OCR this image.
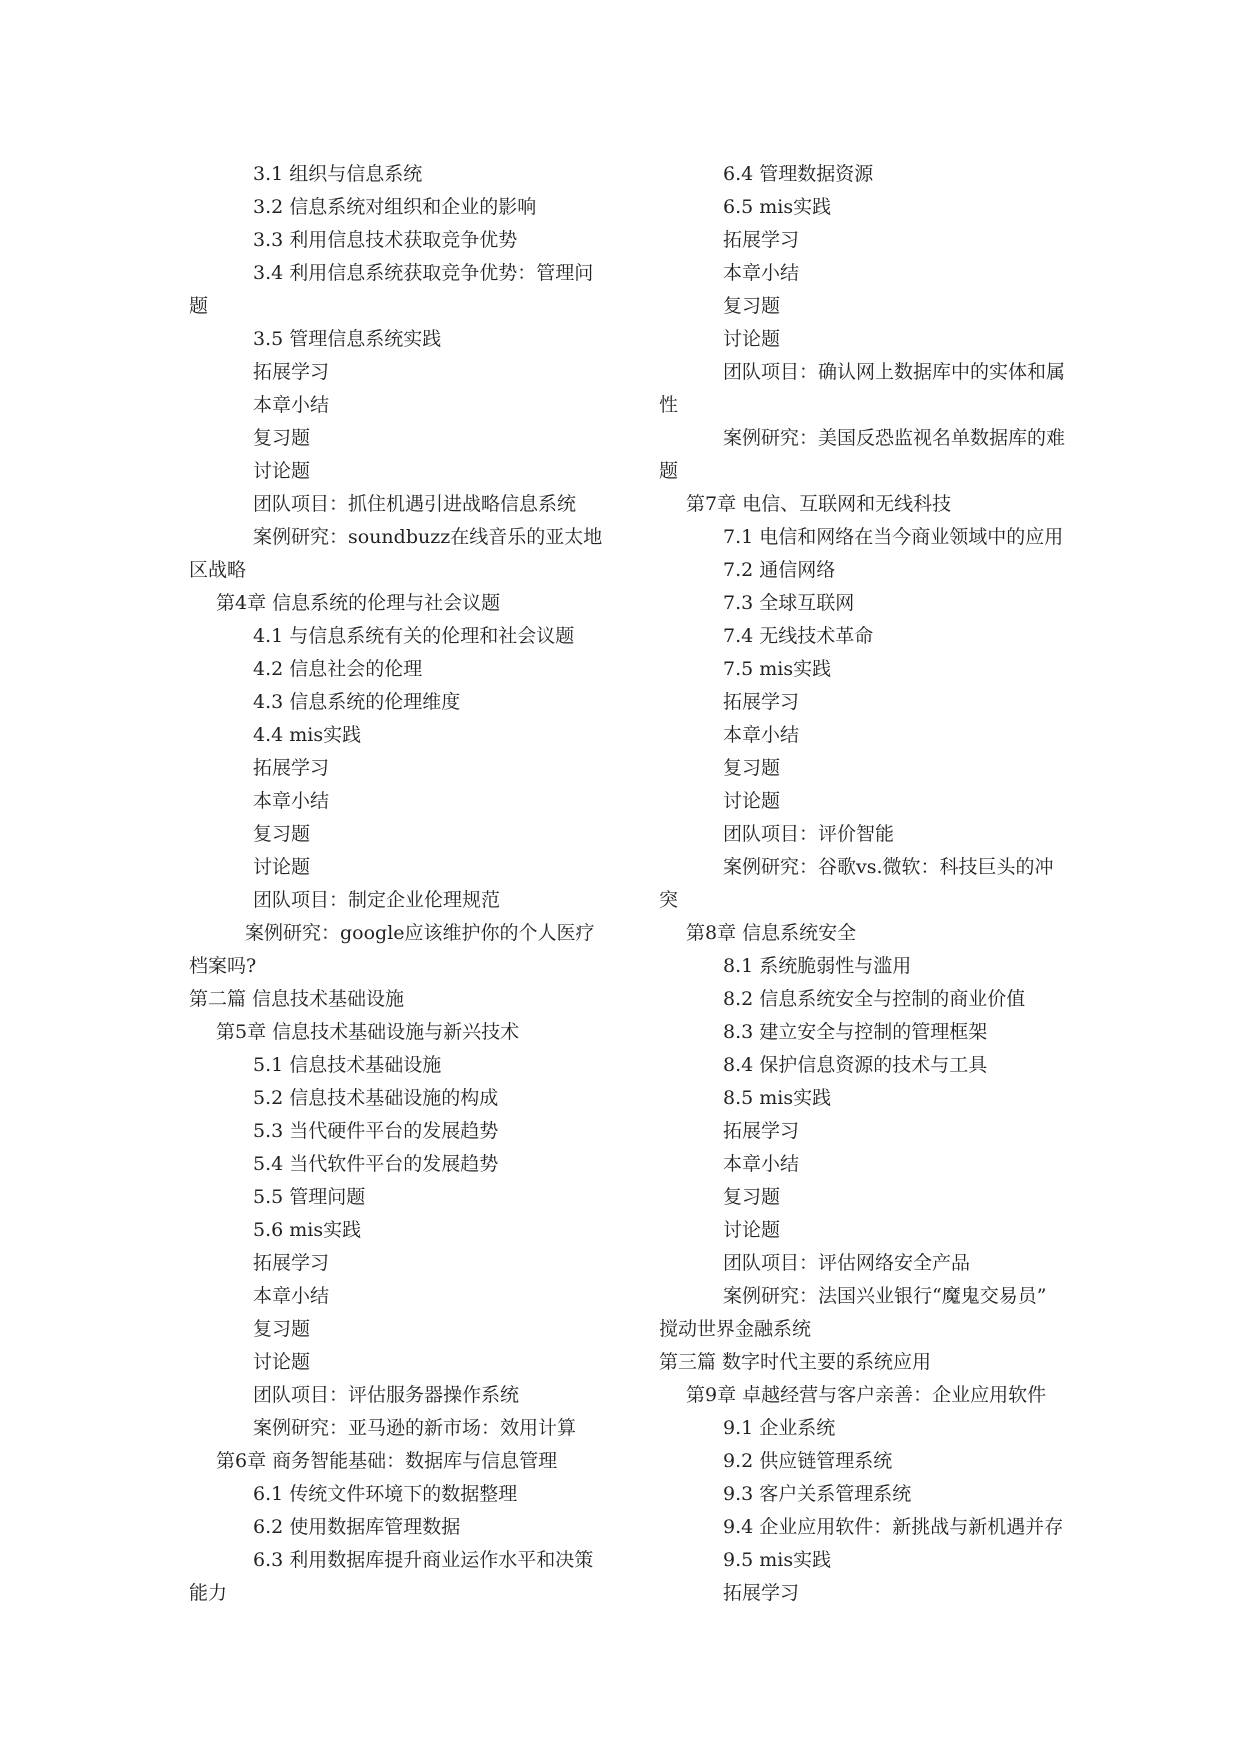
3.1 组织与信息系统
3.2 信息系统对组织和企业的影响
3.3 利用信息技术获取竞争优势
3.4 利用信息系统获取竞争优势：管理问
题
3.5 管理信息系统实践
拓展学习
本章小结
复习题
讨论题
团队项目：抓住机遇引进战略信息系统
案例研究：soundbuzz在线音乐的亚太地
区战略
第4章 信息系统的伦理与社会议题
4.1 与信息系统有关的伦理和社会议题
4.2 信息社会的伦理
4.3 信息系统的伦理维度
4.4 mis实践
拓展学习
本章小结
复习题
讨论题
团队项目：制定企业伦理规范
案例研究：google应该维护你的个人医疗
档案吗?
第二篇 信息技术基础设施
第5章 信息技术基础设施与新兴技术
5.1 信息技术基础设施
5.2 信息技术基础设施的构成
5.3 当代硬件平台的发展趋势
5.4 当代软件平台的发展趋势
5.5 管理问题
5.6 mis实践
拓展学习
本章小结
复习题
讨论题
团队项目：评估服务器操作系统
案例研究：亚马逊的新市场：效用计算
第6章 商务智能基础：数据库与信息管理
6.1 传统文件环境下的数据整理
6.2 使用数据库管理数据
6.3 利用数据库提升商业运作水平和决策
能力
6.4 管理数据资源
6.5 mis实践
拓展学习
本章小结
复习题
讨论题
团队项目：确认网上数据库中的实体和属
性
案例研究：美国反恐监视名单数据库的难
题
第7章 电信、互联网和无线科技
7.1 电信和网络在当今商业领域中的应用
7.2 通信网络
7.3 全球互联网
7.4 无线技术革命
7.5 mis实践
拓展学习
本章小结
复习题
讨论题
团队项目：评价智能
案例研究：谷歌vs.微软：科技巨头的冲
突
第8章 信息系统安全
8.1 系统脆弱性与滥用
8.2 信息系统安全与控制的商业价值
8.3 建立安全与控制的管理框架
8.4 保护信息资源的技术与工具
8.5 mis实践
拓展学习
本章小结
复习题
讨论题
团队项目：评估网络安全产品
案例研究：法国兴业银行“魔鬼交易员”
搅动世界金融系统
第三篇 数字时代主要的系统应用
第9章 卓越经营与客户亲善：企业应用软件
9.1 企业系统
9.2 供应链管理系统
9.3 客户关系管理系统
9.4 企业应用软件：新挑战与新机遇并存
9.5 mis实践
拓展学习
